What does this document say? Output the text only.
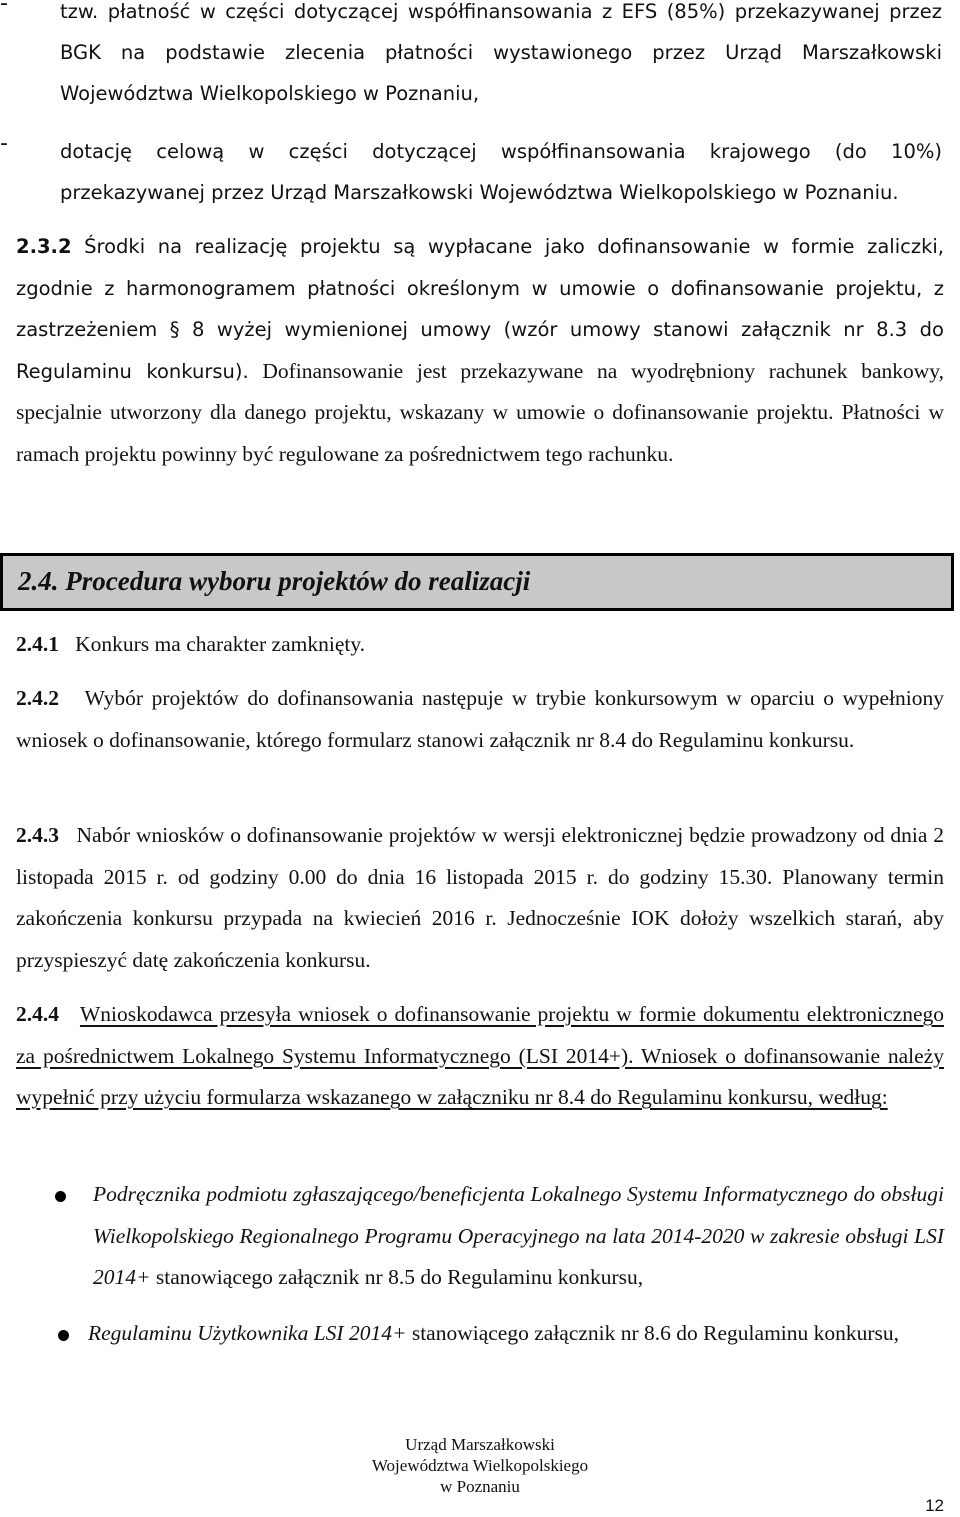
-	tzw. płatność w części dotyczącej współfinansowania z EFS (85%) przekazywanej przez BGK na podstawie zlecenia płatności wystawionego przez Urząd Marszałkowski Województwa Wielkopolskiego w Poznaniu,
-	dotację celową w części dotyczącej współfinansowania krajowego (do 10%) przekazywanej przez Urząd Marszałkowski Województwa Wielkopolskiego w Poznaniu.
2.3.2 Środki na realizację projektu są wypłacane jako dofinansowanie w formie zaliczki, zgodnie z harmonogramem płatności określonym w umowie o dofinansowanie projektu, z zastrzeżeniem § 8 wyżej wymienionej umowy (wzór umowy stanowi załącznik nr 8.3 do Regulaminu konkursu). Dofinansowanie jest przekazywane na wyodrębniony rachunek bankowy, specjalnie utworzony dla danego projektu, wskazany w umowie o dofinansowanie projektu. Płatności w ramach projektu powinny być regulowane za pośrednictwem tego rachunku.
2.4. Procedura wyboru projektów do realizacji
2.4.1 Konkurs ma charakter zamknięty.
2.4.2 Wybór projektów do dofinansowania następuje w trybie konkursowym w oparciu o wypełniony wniosek o dofinansowanie, którego formularz stanowi załącznik nr 8.4 do Regulaminu konkursu.
2.4.3 Nabór wniosków o dofinansowanie projektów w wersji elektronicznej będzie prowadzony od dnia 2 listopada 2015 r. od godziny 0.00 do dnia 16 listopada 2015 r. do godziny 15.30. Planowany termin zakończenia konkursu przypada na kwiecień 2016 r. Jednocześnie IOK dołoży wszelkich starań, aby przyspieszyć datę zakończenia konkursu.
2.4.4 Wnioskodawca przesyła wniosek o dofinansowanie projektu w formie dokumentu elektronicznego za pośrednictwem Lokalnego Systemu Informatycznego (LSI 2014+). Wniosek o dofinansowanie należy wypełnić przy użyciu formularza wskazanego w załączniku nr 8.4 do Regulaminu konkursu, według:
Podręcznika podmiotu zgłaszającego/beneficjenta Lokalnego Systemu Informatycznego do obsługi Wielkopolskiego Regionalnego Programu Operacyjnego na lata 2014-2020 w zakresie obsługi LSI 2014+ stanowiącego załącznik nr 8.5 do Regulaminu konkursu,
Regulaminu Użytkownika LSI 2014+ stanowiącego załącznik nr 8.6 do Regulaminu konkursu,
Urząd Marszałkowski
Województwa Wielkopolskiego
w Poznaniu
12
